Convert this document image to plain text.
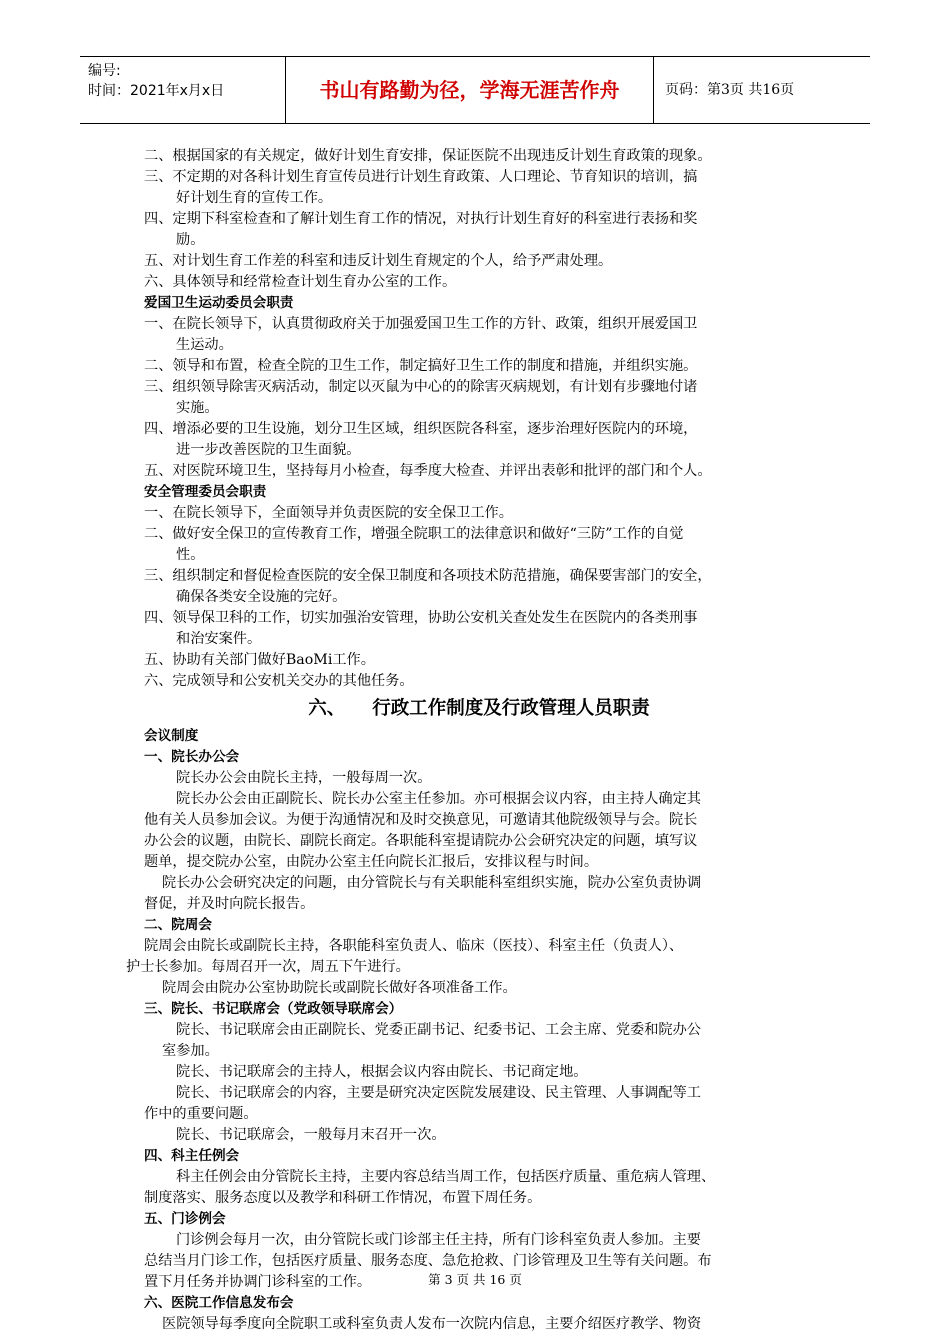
编号:
时间：2021年x月x日	书山有路勤为径，学海无涯苦作舟	页码：第3页 共16页
二、根据国家的有关规定，做好计划生育安排，保证医院不出现违反计划生育政策的现象。
三、不定期的对各科计划生育宣传员进行计划生育政策、人口理论、节育知识的培训，搞
好计划生育的宣传工作。
四、定期下科室检查和了解计划生育工作的情况，对执行计划生育好的科室进行表扬和奖
励。
五、对计划生育工作差的科室和违反计划生育规定的个人，给予严肃处理。
六、具体领导和经常检查计划生育办公室的工作。
爱国卫生运动委员会职责
一、在院长领导下，认真贯彻政府关于加强爱国卫生工作的方针、政策，组织开展爱国卫
生运动。
二、领导和布置，检查全院的卫生工作，制定搞好卫生工作的制度和措施，并组织实施。
三、组织领导除害灭病活动，制定以灭鼠为中心的的除害灭病规划，有计划有步骤地付诸
实施。
四、增添必要的卫生设施，划分卫生区域，组织医院各科室，逐步治理好医院内的环境，
进一步改善医院的卫生面貌。
五、对医院环境卫生，坚持每月小检查，每季度大检查、并评出表彰和批评的部门和个人。
安全管理委员会职责
一、在院长领导下，全面领导并负责医院的安全保卫工作。
二、做好安全保卫的宣传教育工作，增强全院职工的法律意识和做好“三防”工作的自觉
性。
三、组织制定和督促检查医院的安全保卫制度和各项技术防范措施，确保要害部门的安全，
确保各类安全设施的完好。
四、领导保卫科的工作，切实加强治安管理，协助公安机关查处发生在医院内的各类刑事
和治安案件。
五、协助有关部门做好BaoMi工作。
六、完成领导和公安机关交办的其他任务。
六、 行政工作制度及行政管理人员职责
会议制度
一、院长办公会
院长办公会由院长主持，一般每周一次。
院长办公会由正副院长、院长办公室主任参加。亦可根据会议内容，由主持人确定其
他有关人员参加会议。为便于沟通情况和及时交换意见，可邀请其他院级领导与会。院长
办公会的议题，由院长、副院长商定。各职能科室提请院办公会研究决定的问题，填写议
题单，提交院办公室，由院办公室主任向院长汇报后，安排议程与时间。
院长办公会研究决定的问题，由分管院长与有关职能科室组织实施，院办公室负责协调
督促，并及时向院长报告。
二、院周会
院周会由院长或副院长主持，各职能科室负责人、临床（医技）、科室主任（负责人）、
护士长参加。每周召开一次，周五下午进行。
院周会由院办公室协助院长或副院长做好各项准备工作。
三、院长、书记联席会（党政领导联席会）
院长、书记联席会由正副院长、党委正副书记、纪委书记、工会主席、党委和院办公
室参加。
院长、书记联席会的主持人，根据会议内容由院长、书记商定地。
院长、书记联席会的内容，主要是研究决定医院发展建设、民主管理、人事调配等工
作中的重要问题。
院长、书记联席会，一般每月末召开一次。
四、科主任例会
科主任例会由分管院长主持，主要内容总结当周工作，包括医疗质量、重危病人管理、
制度落实、服务态度以及教学和科研工作情况，布置下周任务。
五、门诊例会
门诊例会每月一次，由分管院长或门诊部主任主持，所有门诊科室负责人参加。主要
总结当月门诊工作，包括医疗质量、服务态度、急危抢救、门诊管理及卫生等有关问题。布
置下月任务并协调门诊科室的工作。
六、医院工作信息发布会
医院领导每季度向全院职工或科室负责人发布一次院内信息，主要介绍医疗教学、物资
第 3 页 共 16 页
